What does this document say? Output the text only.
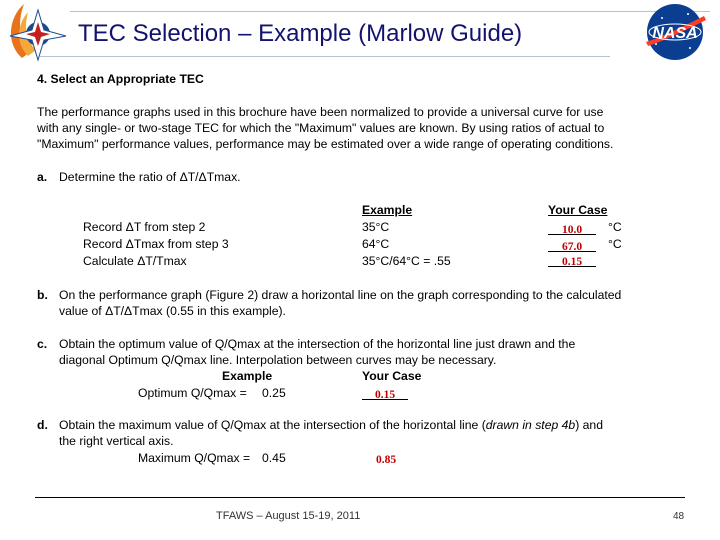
TEC Selection – Example (Marlow Guide)	NASA
4. Select an Appropriate TEC
The performance graphs used in this brochure have been normalized to provide a universal curve for use
with any single- or two-stage TEC for which the "Maximum" values are known. By using ratios of actual to
"Maximum" performance values, performance may be estimated over a wide range of operating conditions.
a. Determine the ratio of ΔT/ΔTmax.
Example	Your Case
Record ΔT from step 2	35°C	10.0	°C
Record ΔTmax from step 3	64°C	67.0	°C
Calculate ΔT/Tmax	35°C/64°C = .55	0.15
b. On the performance graph (Figure 2) draw a horizontal line on the graph corresponding to the calculated
value of ΔT/ΔTmax (0.55 in this example).
c. Obtain the optimum value of Q/Qmax at the intersection of the horizontal line just drawn and the
diagonal Optimum Q/Qmax line. Interpolation between curves may be necessary.
Example	Your Case
Optimum Q/Qmax = 0.25	0.15
d. Obtain the maximum value of Q/Qmax at the intersection of the horizontal line (drawn in step 4b) and
the right vertical axis.
Maximum Q/Qmax = 0.45	0.85
TFAWS – August 15-19, 2011	48
